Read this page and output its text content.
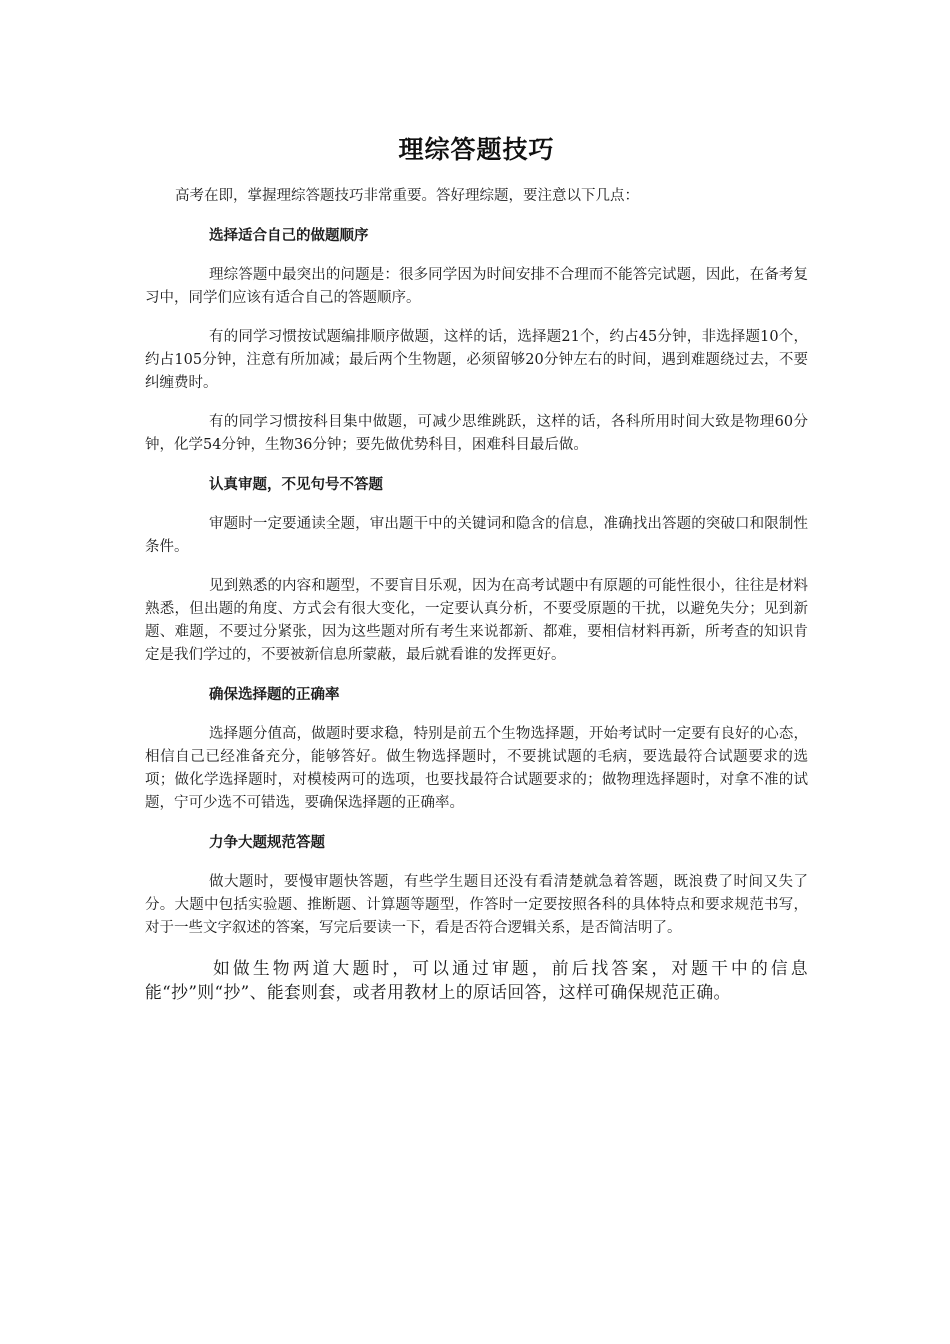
理综答题技巧

高考在即，掌握理综答题技巧非常重要。答好理综题，要注意以下几点：

选择适合自己的做题顺序

理综答题中最突出的问题是：很多同学因为时间安排不合理而不能答完试题，因此，在备考复习中，同学们应该有适合自己的答题顺序。

有的同学习惯按试题编排顺序做题，这样的话，选择题21个，约占45分钟，非选择题10个，约占105分钟，注意有所加减；最后两个生物题，必须留够20分钟左右的时间，遇到难题绕过去，不要纠缠费时。

有的同学习惯按科目集中做题，可减少思维跳跃，这样的话，各科所用时间大致是物理60分钟，化学54分钟，生物36分钟；要先做优势科目，困难科目最后做。

认真审题，不见句号不答题

审题时一定要通读全题，审出题干中的关键词和隐含的信息，准确找出答题的突破口和限制性条件。

见到熟悉的内容和题型，不要盲目乐观，因为在高考试题中有原题的可能性很小，往往是材料熟悉，但出题的角度、方式会有很大变化，一定要认真分析，不要受原题的干扰，以避免失分；见到新题、难题，不要过分紧张，因为这些题对所有考生来说都新、都难，要相信材料再新，所考查的知识肯定是我们学过的，不要被新信息所蒙蔽，最后就看谁的发挥更好。

确保选择题的正确率

选择题分值高，做题时要求稳，特别是前五个生物选择题，开始考试时一定要有良好的心态，相信自己已经准备充分，能够答好。做生物选择题时，不要挑试题的毛病，要选最符合试题要求的选项；做化学选择题时，对模棱两可的选项，也要找最符合试题要求的；做物理选择题时，对拿不准的试题，宁可少选不可错选，要确保选择题的正确率。

力争大题规范答题

做大题时，要慢审题快答题，有些学生题目还没有看清楚就急着答题，既浪费了时间又失了分。大题中包括实验题、推断题、计算题等题型，作答时一定要按照各科的具体特点和要求规范书写，对于一些文字叙述的答案，写完后要读一下，看是否符合逻辑关系，是否简洁明了。

如做生物两道大题时，可以通过审题，前后找答案，对题干中的信息能“抄”则“抄”、能套则套，或者用教材上的原话回答，这样可确保规范正确。
